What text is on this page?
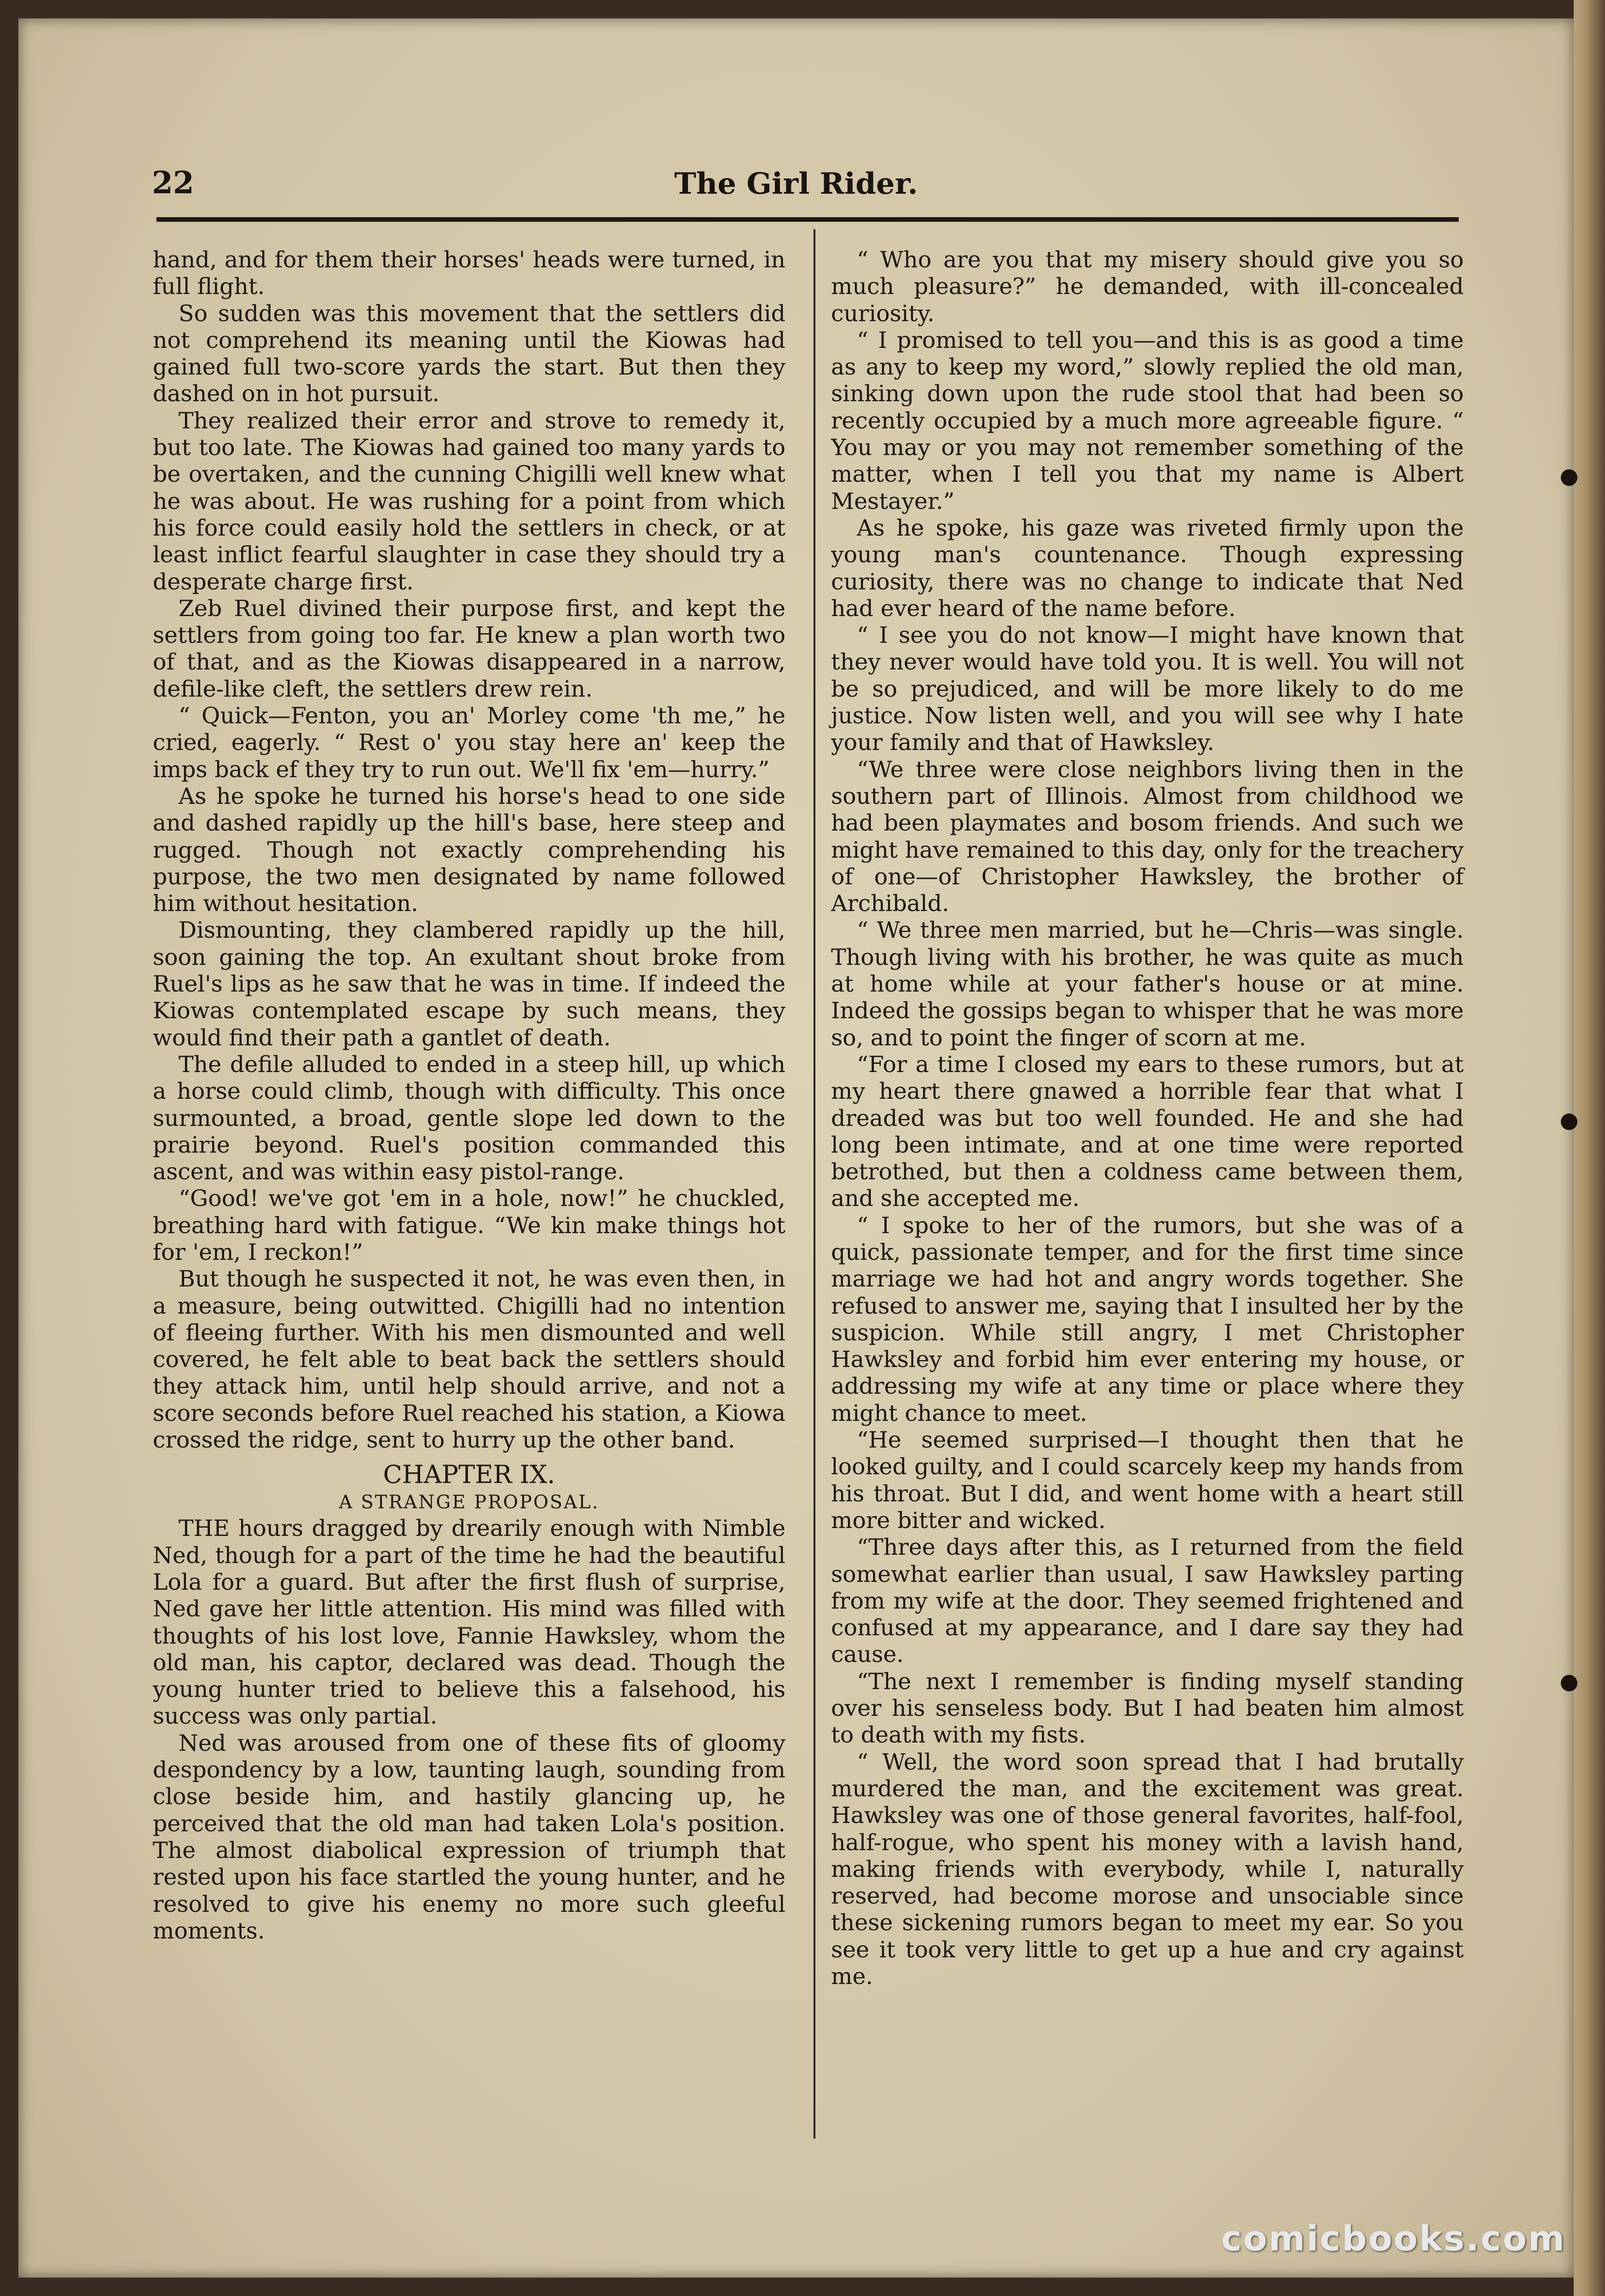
22	The Girl Rider.

hand, and for them their horses' heads were turned, in full flight.

So sudden was this movement that the settlers did not comprehend its meaning until the Kiowas had gained full two-score yards the start. But then they dashed on in hot pursuit.

They realized their error and strove to remedy it, but too late. The Kiowas had gained too many yards to be overtaken, and the cunning Chigilli well knew what he was about. He was rushing for a point from which his force could easily hold the settlers in check, or at least inflict fearful slaughter in case they should try a desperate charge first.

Zeb Ruel divined their purpose first, and kept the settlers from going too far. He knew a plan worth two of that, and as the Kiowas disappeared in a narrow, defile-like cleft, the settlers drew rein.

“ Quick—Fenton, you an' Morley come 'th me,” he cried, eagerly. “ Rest o' you stay here an' keep the imps back ef they try to run out. We'll fix 'em—hurry.”

As he spoke he turned his horse's head to one side and dashed rapidly up the hill's base, here steep and rugged. Though not exactly comprehending his purpose, the two men designated by name followed him without hesitation.

Dismounting, they clambered rapidly up the hill, soon gaining the top. An exultant shout broke from Ruel's lips as he saw that he was in time. If indeed the Kiowas contemplated escape by such means, they would find their path a gantlet of death.

The defile alluded to ended in a steep hill, up which a horse could climb, though with difficulty. This once surmounted, a broad, gentle slope led down to the prairie beyond. Ruel's position commanded this ascent, and was within easy pistol-range.

“Good! we've got 'em in a hole, now!” he chuckled, breathing hard with fatigue. “We kin make things hot for 'em, I reckon!”

But though he suspected it not, he was even then, in a measure, being outwitted. Chigilli had no intention of fleeing further. With his men dismounted and well covered, he felt able to beat back the settlers should they attack him, until help should arrive, and not a score seconds before Ruel reached his station, a Kiowa crossed the ridge, sent to hurry up the other band.

CHAPTER IX.
A STRANGE PROPOSAL.

THE hours dragged by drearily enough with Nimble Ned, though for a part of the time he had the beautiful Lola for a guard. But after the first flush of surprise, Ned gave her little attention. His mind was filled with thoughts of his lost love, Fannie Hawksley, whom the old man, his captor, declared was dead. Though the young hunter tried to believe this a falsehood, his success was only partial.

Ned was aroused from one of these fits of gloomy despondency by a low, taunting laugh, sounding from close beside him, and hastily glancing up, he perceived that the old man had taken Lola's position. The almost diabolical expression of triumph that rested upon his face startled the young hunter, and he resolved to give his enemy no more such gleeful moments.

“ Who are you that my misery should give you so much pleasure?” he demanded, with ill-concealed curiosity.

“ I promised to tell you—and this is as good a time as any to keep my word,” slowly replied the old man, sinking down upon the rude stool that had been so recently occupied by a much more agreeable figure. “ You may or you may not remember something of the matter, when I tell you that my name is Albert Mestayer.”

As he spoke, his gaze was riveted firmly upon the young man's countenance. Though expressing curiosity, there was no change to indicate that Ned had ever heard of the name before.

“ I see you do not know—I might have known that they never would have told you. It is well. You will not be so prejudiced, and will be more likely to do me justice. Now listen well, and you will see why I hate your family and that of Hawksley.

“We three were close neighbors living then in the southern part of Illinois. Almost from childhood we had been playmates and bosom friends. And such we might have remained to this day, only for the treachery of one—of Christopher Hawksley, the brother of Archibald.

“ We three men married, but he—Chris—was single. Though living with his brother, he was quite as much at home while at your father's house or at mine. Indeed the gossips began to whisper that he was more so, and to point the finger of scorn at me.

“For a time I closed my ears to these rumors, but at my heart there gnawed a horrible fear that what I dreaded was but too well founded. He and she had long been intimate, and at one time were reported betrothed, but then a coldness came between them, and she accepted me.

“ I spoke to her of the rumors, but she was of a quick, passionate temper, and for the first time since marriage we had hot and angry words together. She refused to answer me, saying that I insulted her by the suspicion. While still angry, I met Christopher Hawksley and forbid him ever entering my house, or addressing my wife at any time or place where they might chance to meet.

“He seemed surprised—I thought then that he looked guilty, and I could scarcely keep my hands from his throat. But I did, and went home with a heart still more bitter and wicked.

“Three days after this, as I returned from the field somewhat earlier than usual, I saw Hawksley parting from my wife at the door. They seemed frightened and confused at my appearance, and I dare say they had cause.

“The next I remember is finding myself standing over his senseless body. But I had beaten him almost to death with my fists.

“ Well, the word soon spread that I had brutally murdered the man, and the excitement was great. Hawksley was one of those general favorites, half-fool, half-rogue, who spent his money with a lavish hand, making friends with everybody, while I, naturally reserved, had become morose and unsociable since these sickening rumors began to meet my ear. So you see it took very little to get up a hue and cry against me.

comicbooks.com
